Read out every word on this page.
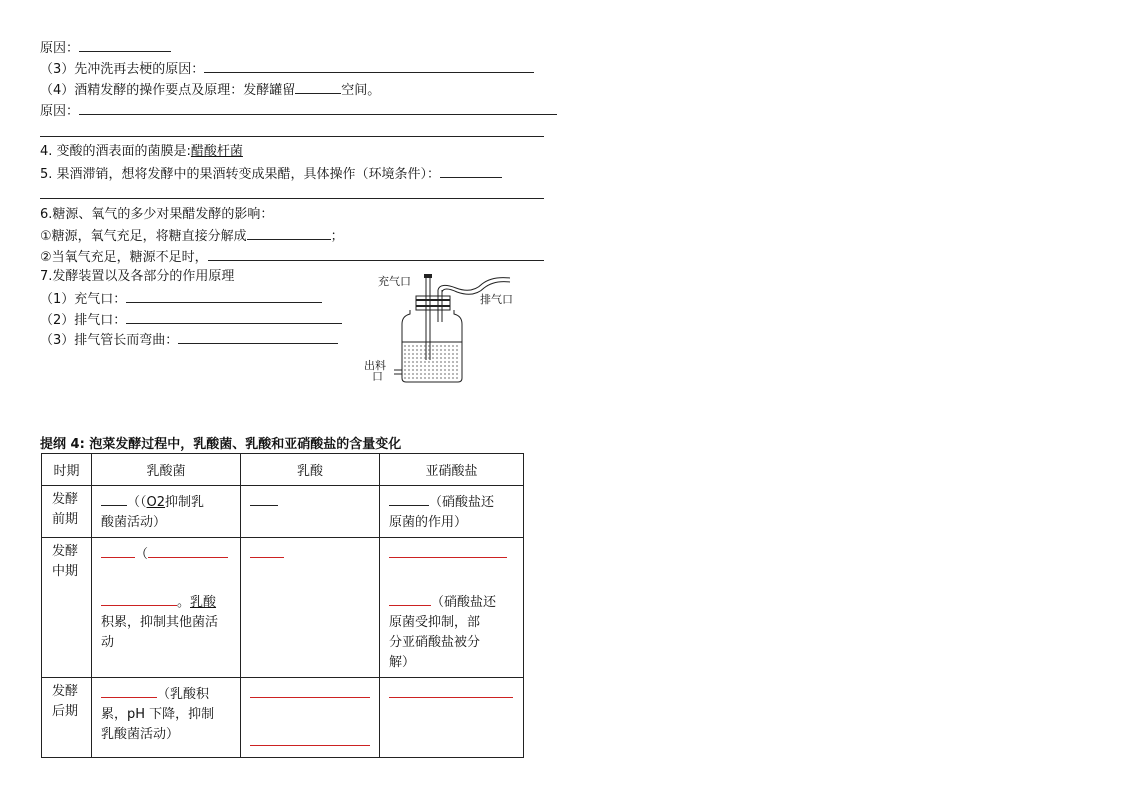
原因：
（3）先冲洗再去梗的原因：
（4）酒精发酵的操作要点及原理：发酵罐留	空间。
原因：
4. 变酸的酒表面的菌膜是:醋酸杆菌
5. 果酒滞销，想将发酵中的果酒转变成果醋，具体操作（环境条件）：
6.糖源、氧气的多少对果醋发酵的影响：
①糖源，氧气充足，将糖直接分解成	；
②当氧气充足，糖源不足时，
7.发酵装置以及各部分的作用原理
（1）充气口：
（2）排气口：
（3）排气管长而弯曲：
充气口
排气口
出料
口
提纲 4: 泡菜发酵过程中，乳酸菌、乳酸和亚硝酸盐的含量变化
时期	乳酸菌	乳酸	亚硝酸盐

发酵
前期	（（O2抑制乳
酸菌活动）		（硝酸盐还
原菌的作用）

发酵
中期	（

。乳酸
积累，抑制其他菌活
动		（硝酸盐还
原菌受抑制，部
分亚硝酸盐被分
解）

发酵
后期	（乳酸积
累，pH 下降，抑制
乳酸菌活动）		
